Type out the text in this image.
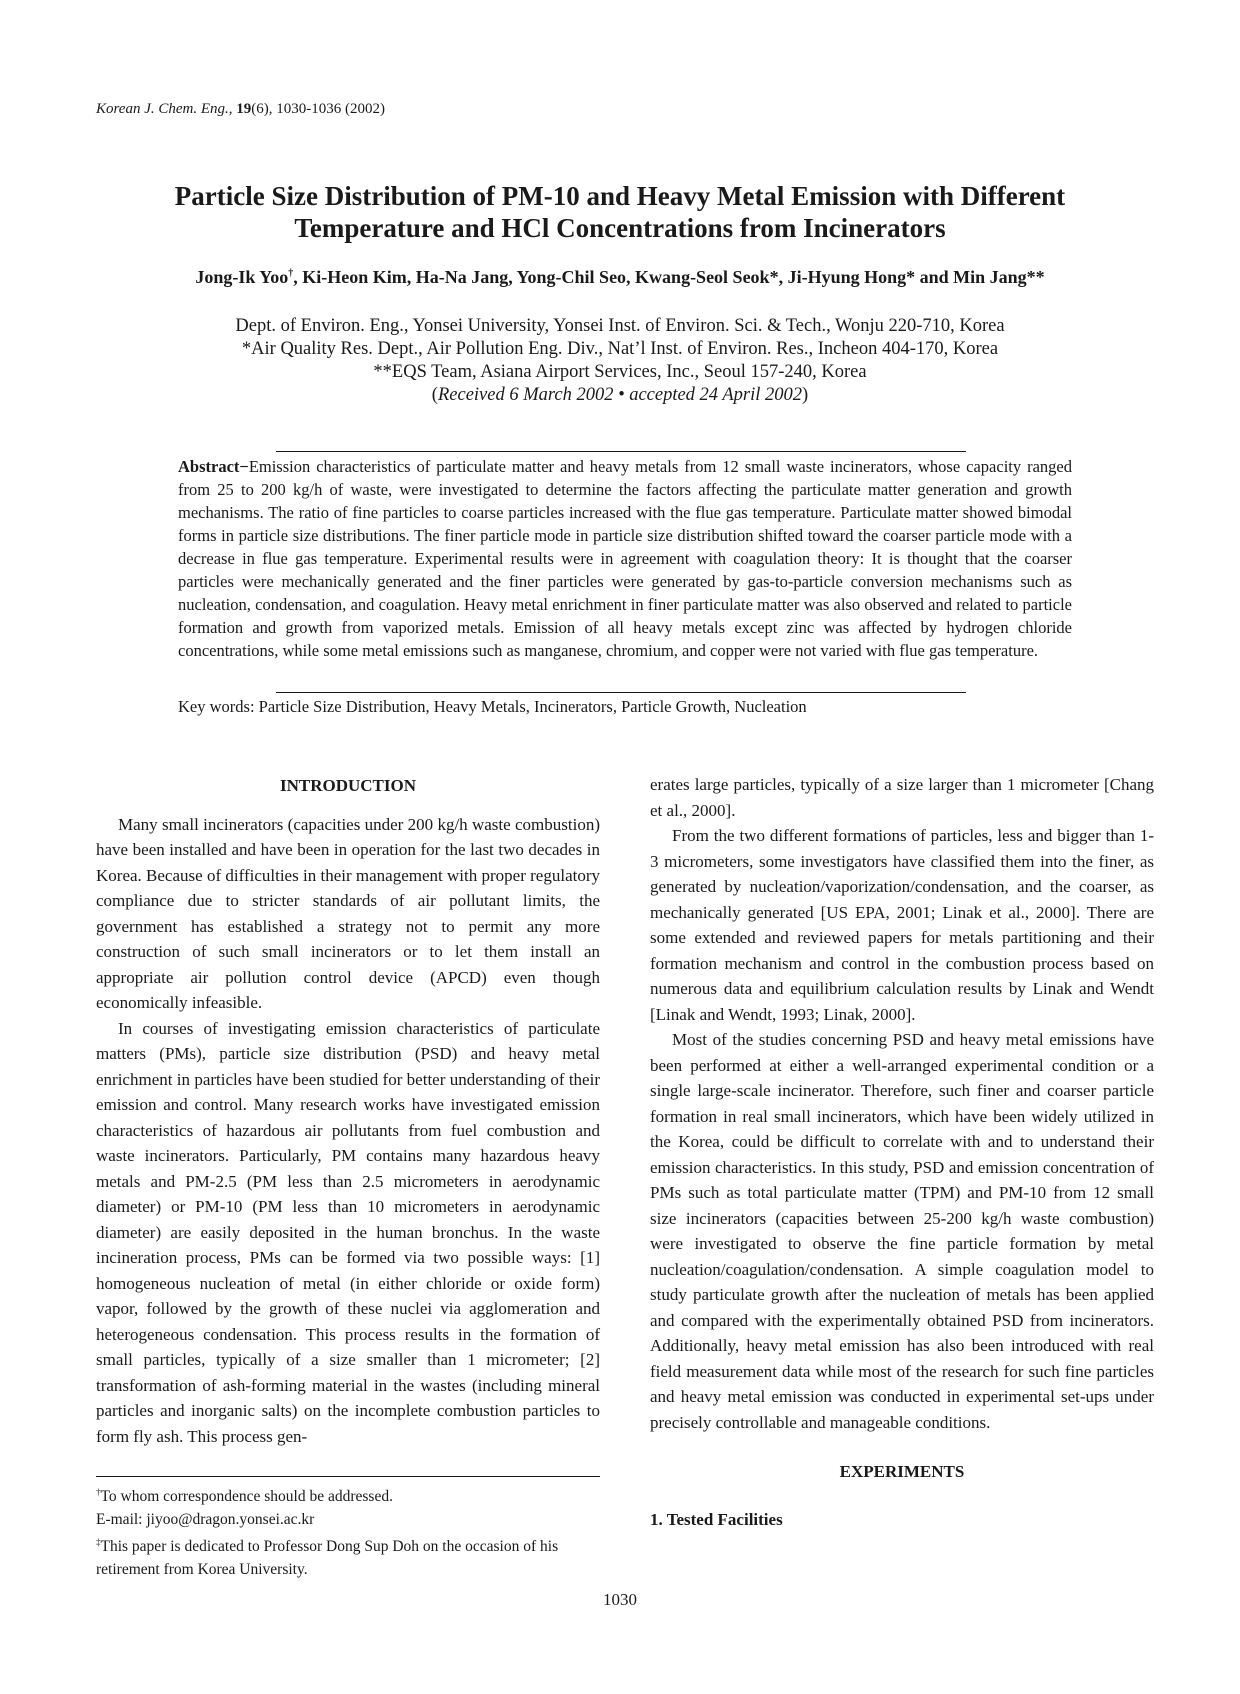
Korean J. Chem. Eng., 19(6), 1030-1036 (2002)
Particle Size Distribution of PM-10 and Heavy Metal Emission with Different
Temperature and HCl Concentrations from Incinerators
Jong-Ik Yoo†, Ki-Heon Kim, Ha-Na Jang, Yong-Chil Seo, Kwang-Seol Seok*, Ji-Hyung Hong* and Min Jang**
Dept. of Environ. Eng., Yonsei University, Yonsei Inst. of Environ. Sci. & Tech., Wonju 220-710, Korea
*Air Quality Res. Dept., Air Pollution Eng. Div., Nat’l Inst. of Environ. Res., Incheon 404-170, Korea
**EQS Team, Asiana Airport Services, Inc., Seoul 157-240, Korea
(Received 6 March 2002 • accepted 24 April 2002)
Abstract−Emission characteristics of particulate matter and heavy metals from 12 small waste incinerators, whose capacity ranged from 25 to 200 kg/h of waste, were investigated to determine the factors affecting the particulate matter generation and growth mechanisms. The ratio of fine particles to coarse particles increased with the flue gas temperature. Particulate matter showed bimodal forms in particle size distributions. The finer particle mode in particle size distribution shifted toward the coarser particle mode with a decrease in flue gas temperature. Experimental results were in agreement with coagulation theory: It is thought that the coarser particles were mechanically generated and the finer particles were generated by gas-to-particle conversion mechanisms such as nucleation, condensation, and coagulation. Heavy metal enrichment in finer particulate matter was also observed and related to particle formation and growth from vaporized metals. Emission of all heavy metals except zinc was affected by hydrogen chloride concentrations, while some metal emissions such as manganese, chromium, and copper were not varied with flue gas temperature.
Key words: Particle Size Distribution, Heavy Metals, Incinerators, Particle Growth, Nucleation
INTRODUCTION

Many small incinerators (capacities under 200 kg/h waste combustion) have been installed and have been in operation for the last two decades in Korea. Because of difficulties in their management with proper regulatory compliance due to stricter standards of air pollutant limits, the government has established a strategy not to permit any more construction of such small incinerators or to let them install an appropriate air pollution control device (APCD) even though economically infeasible.

In courses of investigating emission characteristics of particulate matters (PMs), particle size distribution (PSD) and heavy metal enrichment in particles have been studied for better understanding of their emission and control. Many research works have investigated emission characteristics of hazardous air pollutants from fuel combustion and waste incinerators. Particularly, PM contains many hazardous heavy metals and PM-2.5 (PM less than 2.5 micrometers in aerodynamic diameter) or PM-10 (PM less than 10 micrometers in aerodynamic diameter) are easily deposited in the human bronchus. In the waste incineration process, PMs can be formed via two possible ways: [1] homogeneous nucleation of metal (in either chloride or oxide form) vapor, followed by the growth of these nuclei via agglomeration and heterogeneous condensation. This process results in the formation of small particles, typically of a size smaller than 1 micrometer; [2] transformation of ash-forming material in the wastes (including mineral particles and inorganic salts) on the incomplete combustion particles to form fly ash. This process gen-

erates large particles, typically of a size larger than 1 micrometer [Chang et al., 2000].

From the two different formations of particles, less and bigger than 1-3 micrometers, some investigators have classified them into the finer, as generated by nucleation/vaporization/condensation, and the coarser, as mechanically generated [US EPA, 2001; Linak et al., 2000]. There are some extended and reviewed papers for metals partitioning and their formation mechanism and control in the combustion process based on numerous data and equilibrium calculation results by Linak and Wendt [Linak and Wendt, 1993; Linak, 2000].

Most of the studies concerning PSD and heavy metal emissions have been performed at either a well-arranged experimental condition or a single large-scale incinerator. Therefore, such finer and coarser particle formation in real small incinerators, which have been widely utilized in the Korea, could be difficult to correlate with and to understand their emission characteristics. In this study, PSD and emission concentration of PMs such as total particulate matter (TPM) and PM-10 from 12 small size incinerators (capacities between 25-200 kg/h waste combustion) were investigated to observe the fine particle formation by metal nucleation/coagulation/condensation. A simple coagulation model to study particulate growth after the nucleation of metals has been applied and compared with the experimentally obtained PSD from incinerators. Additionally, heavy metal emission has also been introduced with real field measurement data while most of the research for such fine particles and heavy metal emission was conducted in experimental set-ups under precisely controllable and manageable conditions.

EXPERIMENTS
1. Tested Facilities
†To whom correspondence should be addressed.
E-mail: jiyoo@dragon.yonsei.ac.kr
‡This paper is dedicated to Professor Dong Sup Doh on the occasion of his retirement from Korea University.
1030
